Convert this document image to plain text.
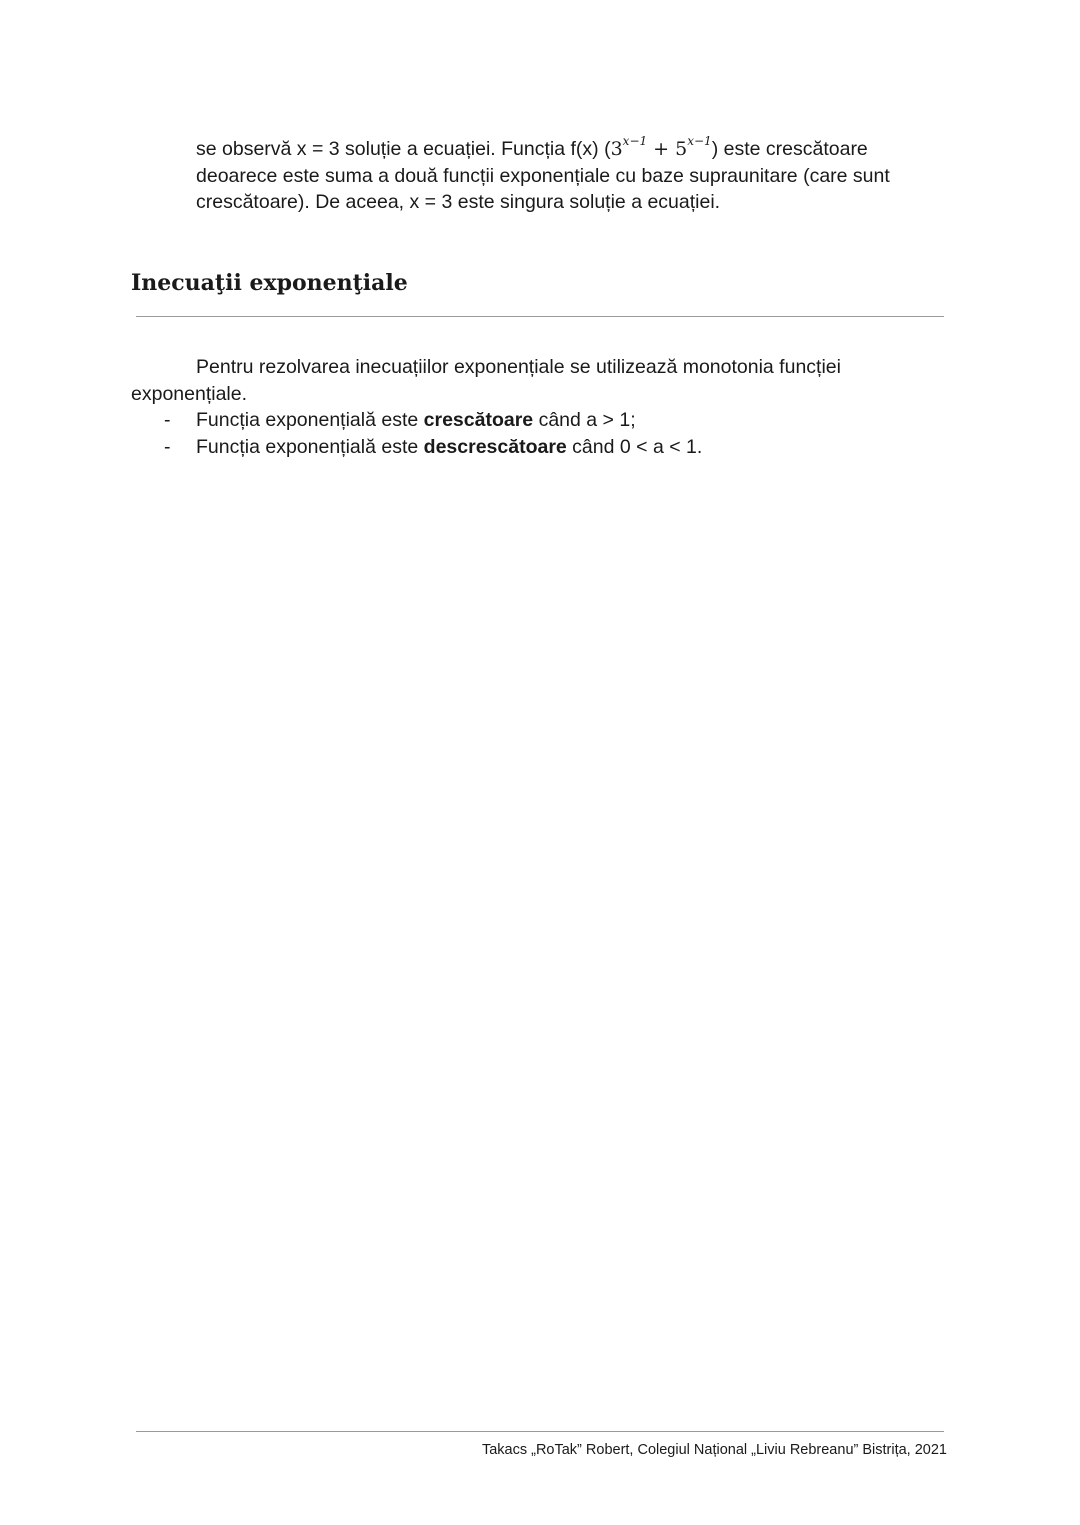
se observă x = 3 soluție a ecuației. Funcția f(x) $(3^{x-1} + 5^{x-1})$ este crescătoare
deoarece este suma a două funcții exponențiale cu baze supraunitare (care sunt
crescătoare). De aceea, x = 3 este singura soluție a ecuației.
Inecuaţii exponenţiale
Pentru rezolvarea inecuațiilor exponențiale se utilizează monotonia funcției
exponențiale.
- Funcția exponențială este crescătoare când a > 1;
- Funcția exponențială este descrescătoare când 0 < a < 1.
Takacs „RoTak” Robert, Colegiul Național „Liviu Rebreanu” Bistrița, 2021
